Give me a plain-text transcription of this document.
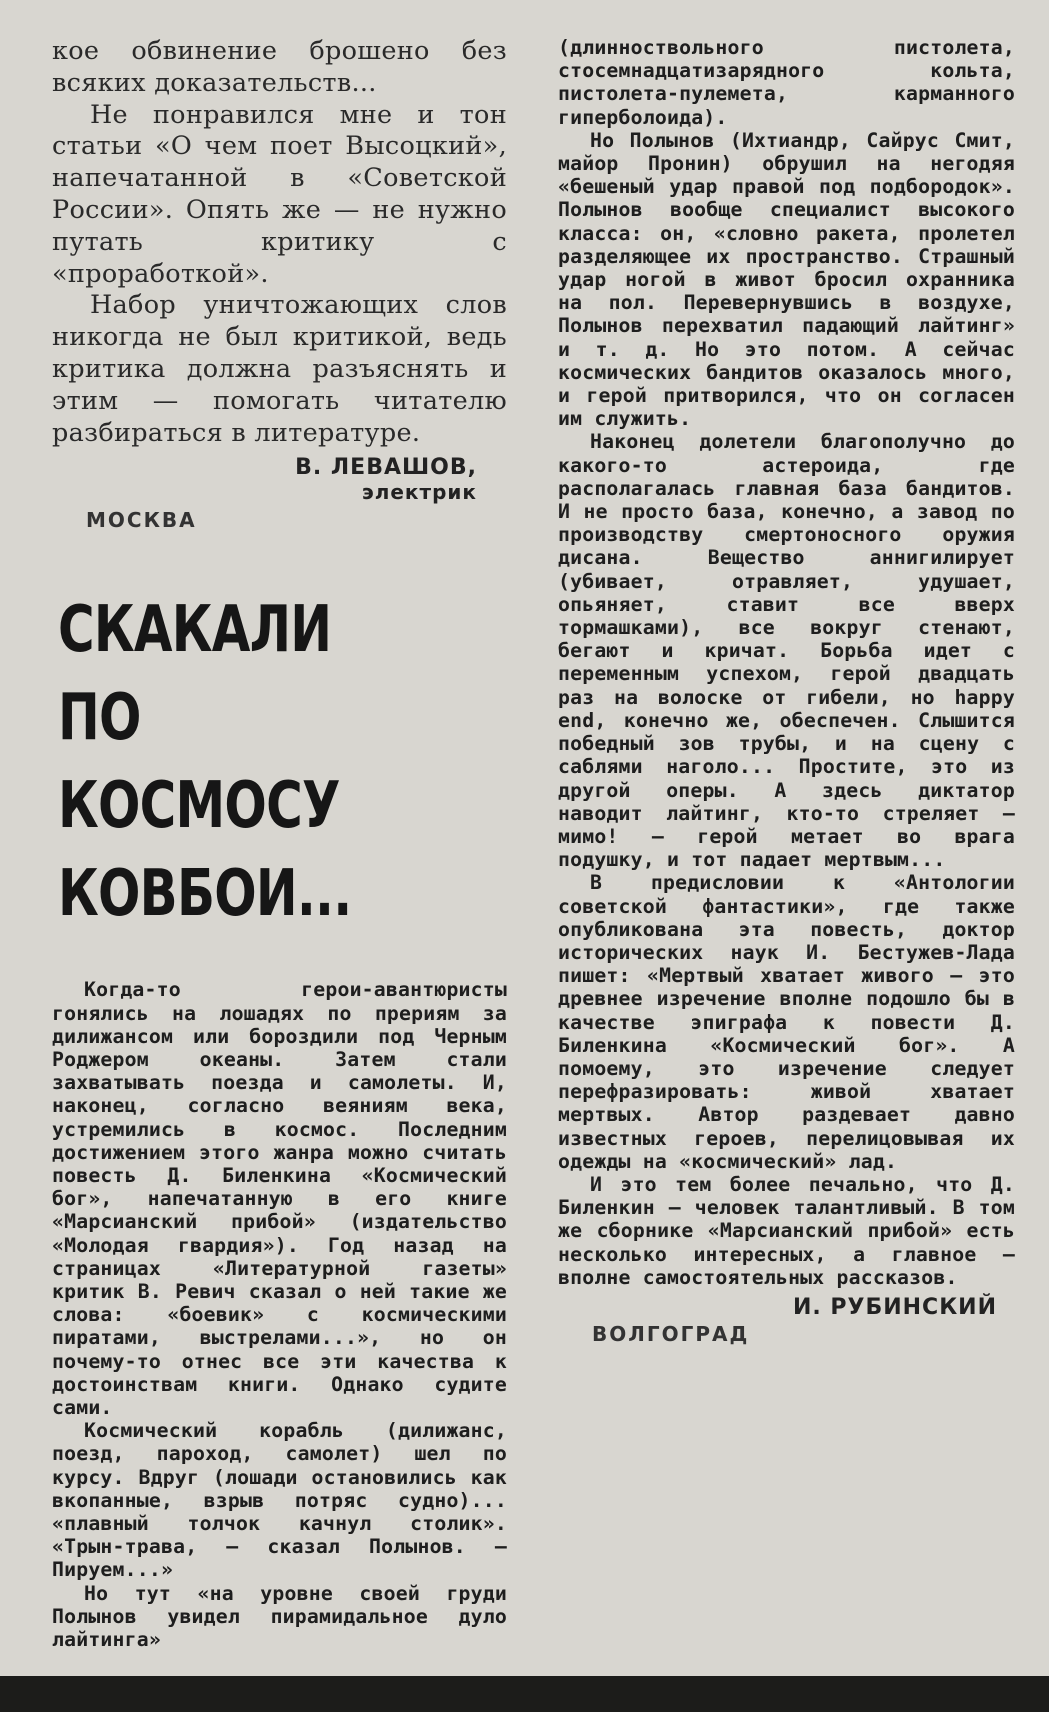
кое обвинение брошено без всяких доказательств...

Не понравился мне и тон статьи «О чем поет Высоцкий», напечатанной в «Советской России». Опять же — не нужно путать критику с «проработкой».

Набор уничтожающих слов никогда не был критикой, ведь критика должна разъяснять и этим — помогать читателю разбираться в литературе.

В. ЛЕВАШОВ,

электрик

МОСКВА

СКАКАЛИ
ПО КОСМОСУ
КОВБОИ...

Когда-то герои-авантюристы гонялись на лошадях по прериям за дилижансом или бороздили под Черным Роджером океаны. Затем стали захватывать поезда и самолеты. И, наконец, согласно веяниям века, устремились в космос. Последним достижением этого жанра можно считать повесть Д. Биленкина «Космический бог», напечатанную в его книге «Марсианский прибой» (издательство «Молодая гвардия»). Год назад на страницах «Литературной газеты» критик В. Ревич сказал о ней такие же слова: «боевик» с космическими пиратами, выстрелами...», но он почему-то отнес все эти качества к достоинствам книги. Однако судите сами.

Космический корабль (дилижанс, поезд, пароход, самолет) шел по курсу. Вдруг (лошади остановились как вкопанные, взрыв потряс судно)... «плавный толчок качнул столик». «Трын-трава, — сказал Полынов. — Пируем...»

Но тут «на уровне своей груди Полынов увидел пирамидальное дуло лайтинга»

(длинноствольного пистолета, стосемнадцатизарядного кольта, пистолета-пулемета, карманного гиперболоида).

Но Полынов (Ихтиандр, Сайрус Смит, майор Пронин) обрушил на негодяя «бешеный удар правой под подбородок». Полынов вообще специалист высокого класса: он, «словно ракета, пролетел разделяющее их пространство. Страшный удар ногой в живот бросил охранника на пол. Перевернувшись в воздухе, Полынов перехватил падающий лайтинг» и т. д. Но это потом. А сейчас космических бандитов оказалось много, и герой притворился, что он согласен им служить.

Наконец долетели благополучно до какого-то астероида, где располагалась главная база бандитов. И не просто база, конечно, а завод по производству смертоносного оружия дисана. Вещество аннигилирует (убивает, отравляет, удушает, опьяняет, ставит все вверх тормашками), все вокруг стенают, бегают и кричат. Борьба идет с переменным успехом, герой двадцать раз на волоске от гибели, но happy end, конечно же, обеспечен. Слышится победный зов трубы, и на сцену с саблями наголо... Простите, это из другой оперы. А здесь диктатор наводит лайтинг, кто-то стреляет — мимо! — герой метает во врага подушку, и тот падает мертвым...

В предисловии к «Антологии советской фантастики», где также опубликована эта повесть, доктор исторических наук И. Бестужев-Лада пишет: «Мертвый хватает живого — это древнее изречение вполне подошло бы в качестве эпиграфа к повести Д. Биленкина «Космический бог». А помоему, это изречение следует перефразировать: живой хватает мертвых. Автор раздевает давно известных героев, перелицовывая их одежды на «космический» лад.

И это тем более печально, что Д. Биленкин — человек талантливый. В том же сборнике «Марсианский прибой» есть несколько интересных, а главное — вполне самостоятельных рассказов.

И. РУБИНСКИЙ

ВОЛГОГРАД
